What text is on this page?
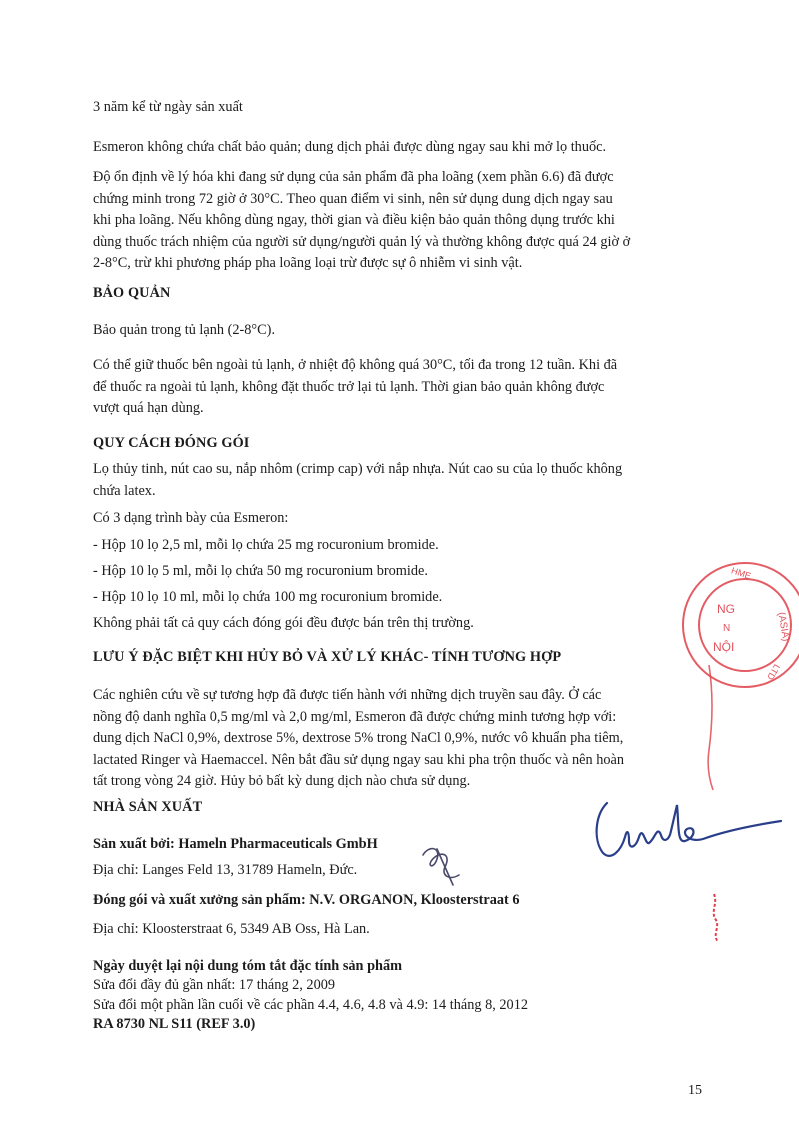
3 năm kể từ ngày sản xuất

Esmeron không chứa chất bảo quản; dung dịch phải được dùng ngay sau khi mở lọ thuốc.

Độ ổn định về lý hóa khi đang sử dụng của sản phẩm đã pha loãng (xem phần 6.6) đã được
chứng minh trong 72 giờ ở 30°C. Theo quan điểm vi sinh, nên sử dụng dung dịch ngay sau
khi pha loãng. Nếu không dùng ngay, thời gian và điều kiện bảo quản thông dụng trước khi
dùng thuốc trách nhiệm của người sử dụng/người quản lý và thường không được quá 24 giờ ở
2-8°C, trừ khi phương pháp pha loãng loại trừ được sự ô nhiễm vi sinh vật.
BẢO QUẢN

Bảo quản trong tủ lạnh (2-8°C).

Có thể giữ thuốc bên ngoài tủ lạnh, ở nhiệt độ không quá 30°C, tối đa trong 12 tuần. Khi đã
để thuốc ra ngoài tủ lạnh, không đặt thuốc trở lại tủ lạnh. Thời gian bảo quản không được
vượt quá hạn dùng.
QUY CÁCH ĐÓNG GÓI
Lọ thủy tinh, nút cao su, nắp nhôm (crimp cap) với nắp nhựa. Nút cao su của lọ thuốc không
chứa latex.

Có 3 dạng trình bày của Esmeron:

- Hộp 10 lọ 2,5 ml, mỗi lọ chứa 25 mg rocuronium bromide.

- Hộp 10 lọ 5 ml, mỗi lọ chứa 50 mg rocuronium bromide.

- Hộp 10 lọ 10 ml, mỗi lọ chứa 100 mg rocuronium bromide.

Không phải tất cả quy cách đóng gói đều được bán trên thị trường.

LƯU Ý ĐẶC BIỆT KHI HỦY BỎ VÀ XỬ LÝ KHÁC- TÍNH TƯƠNG HỢP
Các nghiên cứu về sự tương hợp đã được tiến hành với những dịch truyền sau đây. Ở các
nồng độ danh nghĩa 0,5 mg/ml và 2,0 mg/ml, Esmeron đã được chứng minh tương hợp với:
dung dịch NaCl 0,9%, dextrose 5%, dextrose 5% trong NaCl 0,9%, nước vô khuẩn pha tiêm,
lactated Ringer và Haemaccel. Nên bắt đầu sử dụng ngay sau khi pha trộn thuốc và nên hoàn
tất trong vòng 24 giờ. Hủy bỏ bất kỳ dung dịch nào chưa sử dụng.
NHÀ SẢN XUẤT

Sản xuất bởi: Hameln Pharmaceuticals GmbH

Địa chỉ: Langes Feld 13, 31789 Hameln, Đức.

Đóng gói và xuất xưởng sản phẩm: N.V. ORGANON, Kloosterstraat 6

Địa chỉ: Kloosterstraat 6, 5349 AB Oss, Hà Lan.

Ngày duyệt lại nội dung tóm tắt đặc tính sản phẩm

Sửa đổi đầy đủ gần nhất: 17 tháng 2, 2009

Sửa đổi một phần lần cuối về các phần 4.4, 4.6, 4.8 và 4.9: 14 tháng 8, 2012

RA 8730 NL S11 (REF 3.0)

15
NG
N
NỘI
HME
(ASIA)
LTD
